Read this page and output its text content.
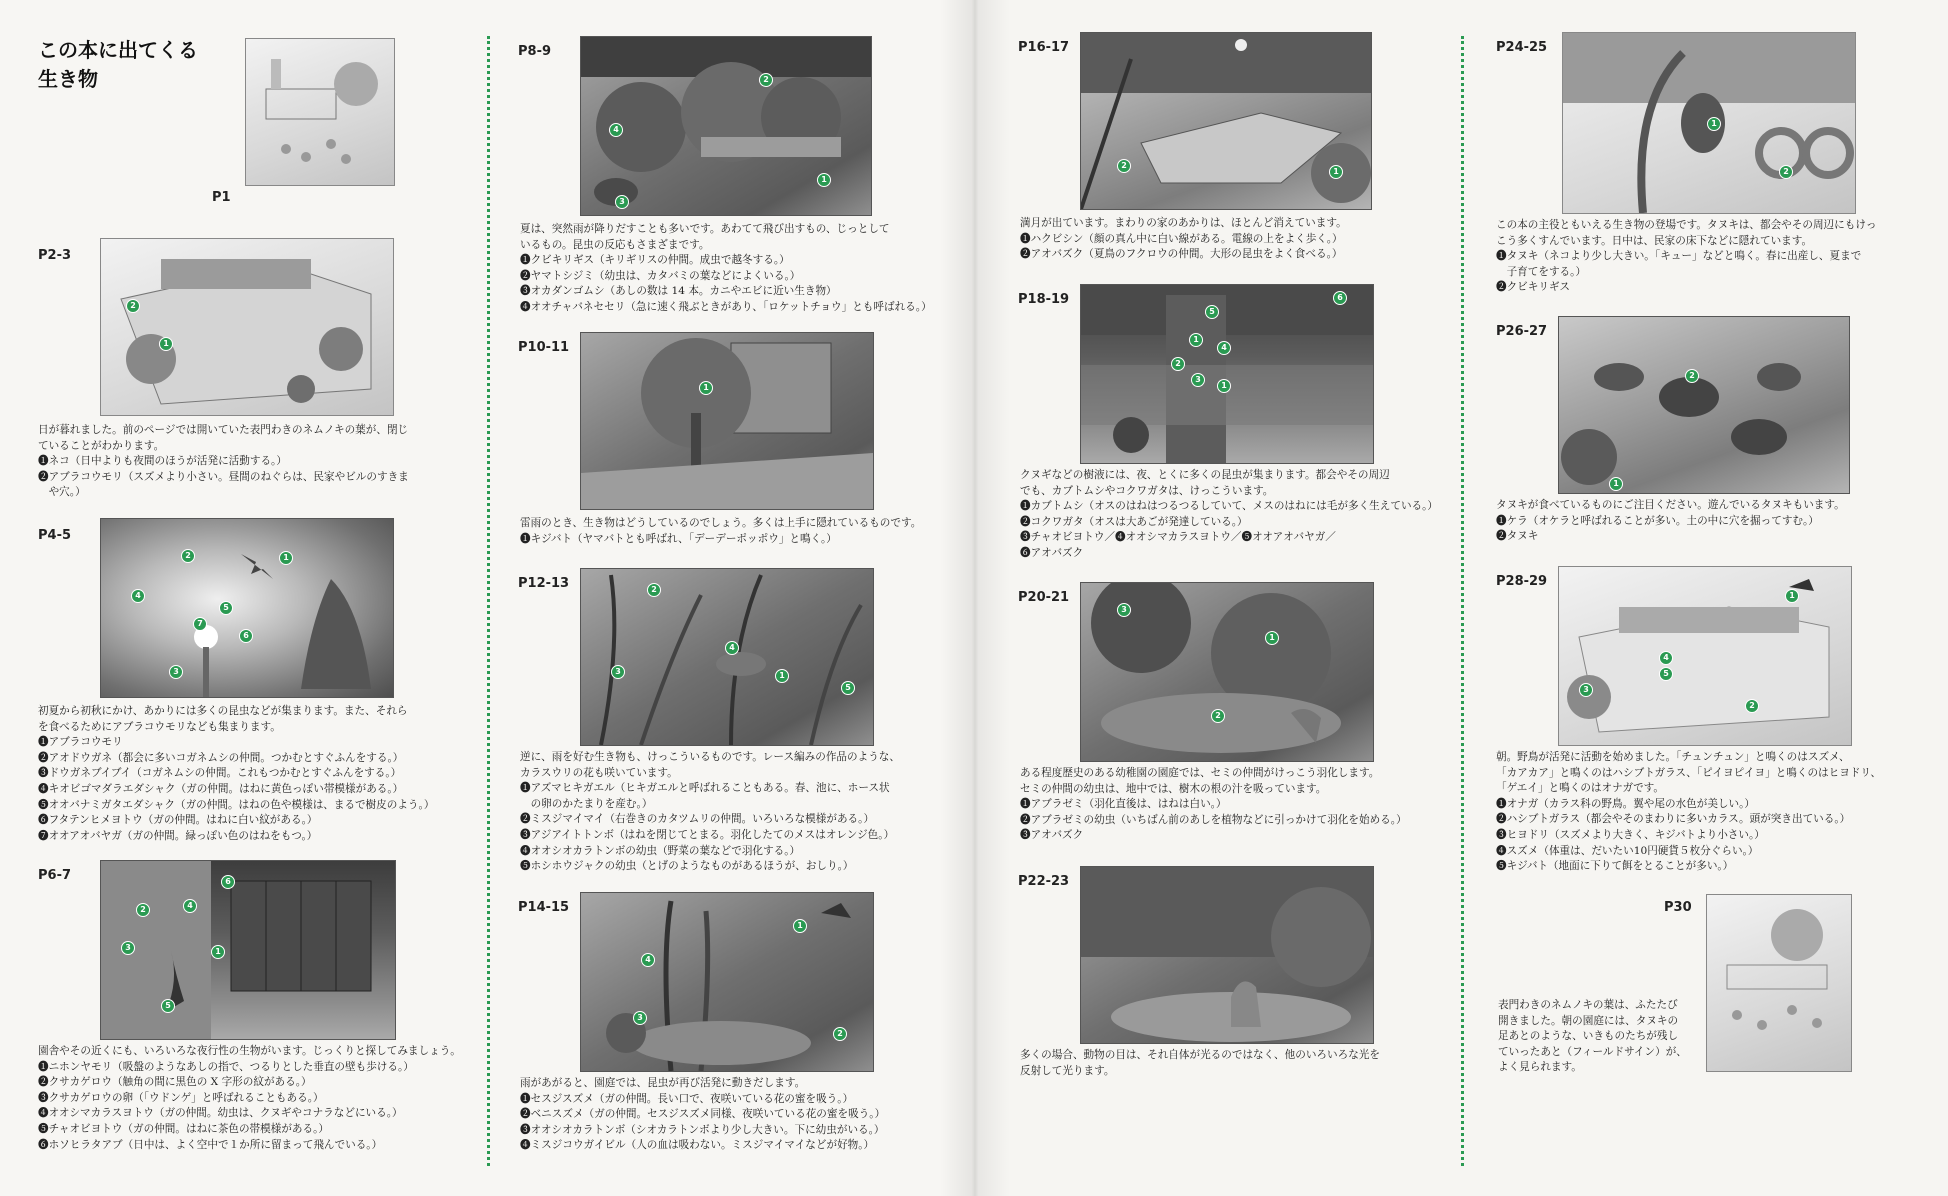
この本に出てくる
生き物
P1
P2-3
2
1
日が暮れました。前のページでは開いていた表門わきのネムノキの葉が、閉じ
ていることがわかります。
❶ネコ（日中よりも夜間のほうが活発に活動する。）
❷アブラコウモリ（スズメより小さい。昼間のねぐらは、民家やビルのすきま
　や穴。）
P4-5
2	1
4
5
7
6
3
初夏から初秋にかけ、あかりには多くの昆虫などが集まります。また、それら
を食べるためにアブラコウモリなども集まります。
❶アブラコウモリ
❷アオドウガネ（都会に多いコガネムシの仲間。つかむとすぐふんをする。）
❸ドウガネブイブイ（コガネムシの仲間。これもつかむとすぐふんをする。）
❹キオビゴマダラエダシャク（ガの仲間。はねに黄色っぽい帯模様がある。）
❺オオバナミガタエダシャク（ガの仲間。はねの色や模様は、まるで樹皮のよう。）
❻フタテンヒメヨトウ（ガの仲間。はねに白い紋がある。）
❼オオアオバヤガ（ガの仲間。緑っぽい色のはねをもつ。）
P6-7	6
2	4
3	1
5
園舎やその近くにも、いろいろな夜行性の生物がいます。じっくりと探してみましょう。
❶ニホンヤモリ（吸盤のようなあしの指で、つるりとした垂直の壁も歩ける。）
❷クサカゲロウ（触角の間に黒色の X 字形の紋がある。）
❸クサカゲロウの卵（「ウドンゲ」と呼ばれることもある。）
❹オオシマカラスヨトウ（ガの仲間。幼虫は、クヌギやコナラなどにいる。）
❺チャオビヨトウ（ガの仲間。はねに茶色の帯模様がある。）
❻ホソヒラタアブ（日中は、よく空中で１か所に留まって飛んでいる。）
P8-9
2
4
3
1
夏は、突然雨が降りだすことも多いです。あわてて飛び出すもの、じっとして
いるもの。昆虫の反応もさまざまです。
❶クビキリギス（キリギリスの仲間。成虫で越冬する。）
❷ヤマトシジミ（幼虫は、カタバミの葉などによくいる。）
❸オカダンゴムシ（あしの数は 14 本。カニやエビに近い生き物）
❹オオチャバネセセリ（急に速く飛ぶときがあり、「ロケットチョウ」とも呼ばれる。）
P10-11
1
雷雨のとき、生き物はどうしているのでしょう。多くは上手に隠れているものです。
❶キジバト（ヤマバトとも呼ばれ、「デーデーポッポウ」と鳴く。）
P12-13	2
4
3	1
5
逆に、雨を好む生き物も、けっこういるものです。レース編みの作品のような、
カラスウリの花も咲いています。
❶アズマヒキガエル（ヒキガエルと呼ばれることもある。春、池に、ホース状
　の卵のかたまりを産む。）
❷ミスジマイマイ（右巻きのカタツムリの仲間。いろいろな模様がある。）
❸アジアイトトンボ（はねを閉じてとまる。羽化したてのメスはオレンジ色。）
❹オオシオカラトンボの幼虫（野菜の葉などで羽化する。）
❺ホシホウジャクの幼虫（とげのようなものがあるほうが、おしり。）
P14-15
1
4
3
2
雨があがると、園庭では、昆虫が再び活発に動きだします。
❶セスジスズメ（ガの仲間。長い口で、夜咲いている花の蜜を吸う。）
❷ベニスズメ（ガの仲間。セスジスズメ同様、夜咲いている花の蜜を吸う。）
❸オオシオカラトンボ（シオカラトンボより少し大きい。下に幼虫がいる。）
❹ミスジコウガイビル（人の血は吸わない。ミスジマイマイなどが好物。）
P16-17
2
1
満月が出ています。まわりの家のあかりは、ほとんど消えています。
❶ハクビシン（顔の真ん中に白い線がある。電線の上をよく歩く。）
❷アオバズク（夏鳥のフクロウの仲間。大形の昆虫をよく食べる。）
P18-19
5
6
1
4
2
3
1
クヌギなどの樹液には、夜、とくに多くの昆虫が集まります。都会やその周辺
でも、カブトムシやコクワガタは、けっこういます。
❶カブトムシ（オスのはねはつるつるしていて、メスのはねには毛が多く生えている。）
❷コクワガタ（オスは大あごが発達している。）
❸チャオビヨトウ／❹オオシマカラスヨトウ／❺オオアオバヤガ／
❻アオバズク
P20-21
3
1
2
ある程度歴史のある幼稚園の園庭では、セミの仲間がけっこう羽化します。
セミの仲間の幼虫は、地中では、樹木の根の汁を吸っています。
❶アブラゼミ（羽化直後は、はねは白い。）
❷アブラゼミの幼虫（いちばん前のあしを植物などに引っかけて羽化を始める。）
❸アオバズク
P22-23
多くの場合、動物の目は、それ自体が光るのではなく、他のいろいろな光を
反射して光ります。
P24-25
1
2
この本の主役ともいえる生き物の登場です。タヌキは、都会やその周辺にもけっ
こう多くすんでいます。日中は、民家の床下などに隠れています。
❶タヌキ（ネコより少し大きい。「キュー」などと鳴く。春に出産し、夏まで
　子育てをする。）
❷クビキリギス
P26-27
2
1
タヌキが食べているものにご注目ください。遊んでいるタヌキもいます。
❶ケラ（オケラと呼ばれることが多い。土の中に穴を掘ってすむ。）
❷タヌキ
P28-29
1
4
5
3
2
朝。野鳥が活発に活動を始めました。「チュンチュン」と鳴くのはスズメ、
「カアカア」と鳴くのはハシブトガラス、「ピイヨピイヨ」と鳴くのはヒヨドリ、
「ゲエイ」と鳴くのはオナガです。
❶オナガ（カラス科の野鳥。翼や尾の水色が美しい。）
❷ハシブトガラス（都会やそのまわりに多いカラス。頭が突き出ている。）
❸ヒヨドリ（スズメより大きく、キジバトより小さい。）
❹スズメ（体重は、だいたい10円硬貨５枚分ぐらい。）
❺キジバト（地面に下りて餌をとることが多い。）
P30
表門わきのネムノキの葉は、ふたたび
開きました。朝の園庭には、タヌキの
足あとのような、いきものたちが残し
ていったあと（フィールドサイン）が、
よく見られます。
